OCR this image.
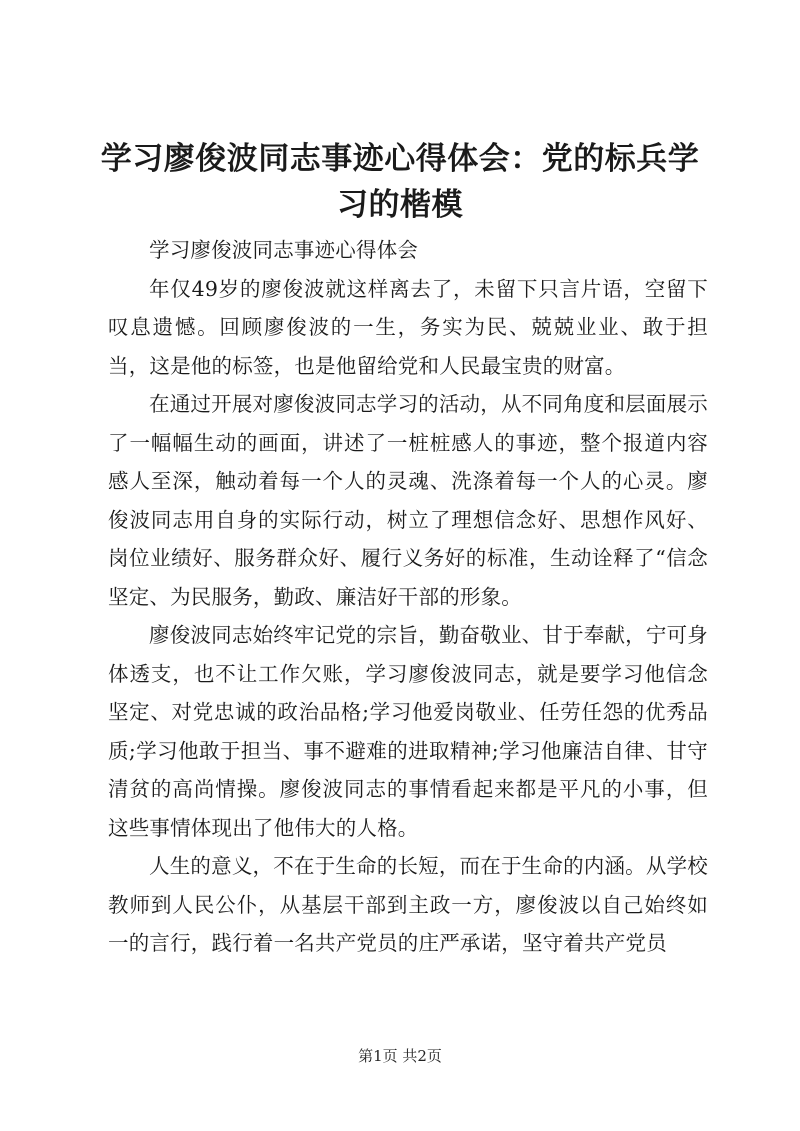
学习廖俊波同志事迹心得体会：党的标兵学习的楷模

学习廖俊波同志事迹心得体会

年仅49岁的廖俊波就这样离去了，未留下只言片语，空留下叹息遗憾。回顾廖俊波的一生，务实为民、兢兢业业、敢于担当，这是他的标签，也是他留给党和人民最宝贵的财富。

在通过开展对廖俊波同志学习的活动，从不同角度和层面展示了一幅幅生动的画面，讲述了一桩桩感人的事迹，整个报道内容感人至深，触动着每一个人的灵魂、洗涤着每一个人的心灵。廖俊波同志用自身的实际行动，树立了理想信念好、思想作风好、岗位业绩好、服务群众好、履行义务好的标准，生动诠释了“信念坚定、为民服务，勤政、廉洁好干部的形象。

廖俊波同志始终牢记党的宗旨，勤奋敬业、甘于奉献，宁可身体透支，也不让工作欠账，学习廖俊波同志，就是要学习他信念坚定、对党忠诚的政治品格;学习他爱岗敬业、任劳任怨的优秀品质;学习他敢于担当、事不避难的进取精神;学习他廉洁自律、甘守清贫的高尚情操。廖俊波同志的事情看起来都是平凡的小事，但这些事情体现出了他伟大的人格。

人生的意义，不在于生命的长短，而在于生命的内涵。从学校教师到人民公仆，从基层干部到主政一方，廖俊波以自己始终如一的言行，践行着一名共产党员的庄严承诺，坚守着共产党员

第1页 共2页
